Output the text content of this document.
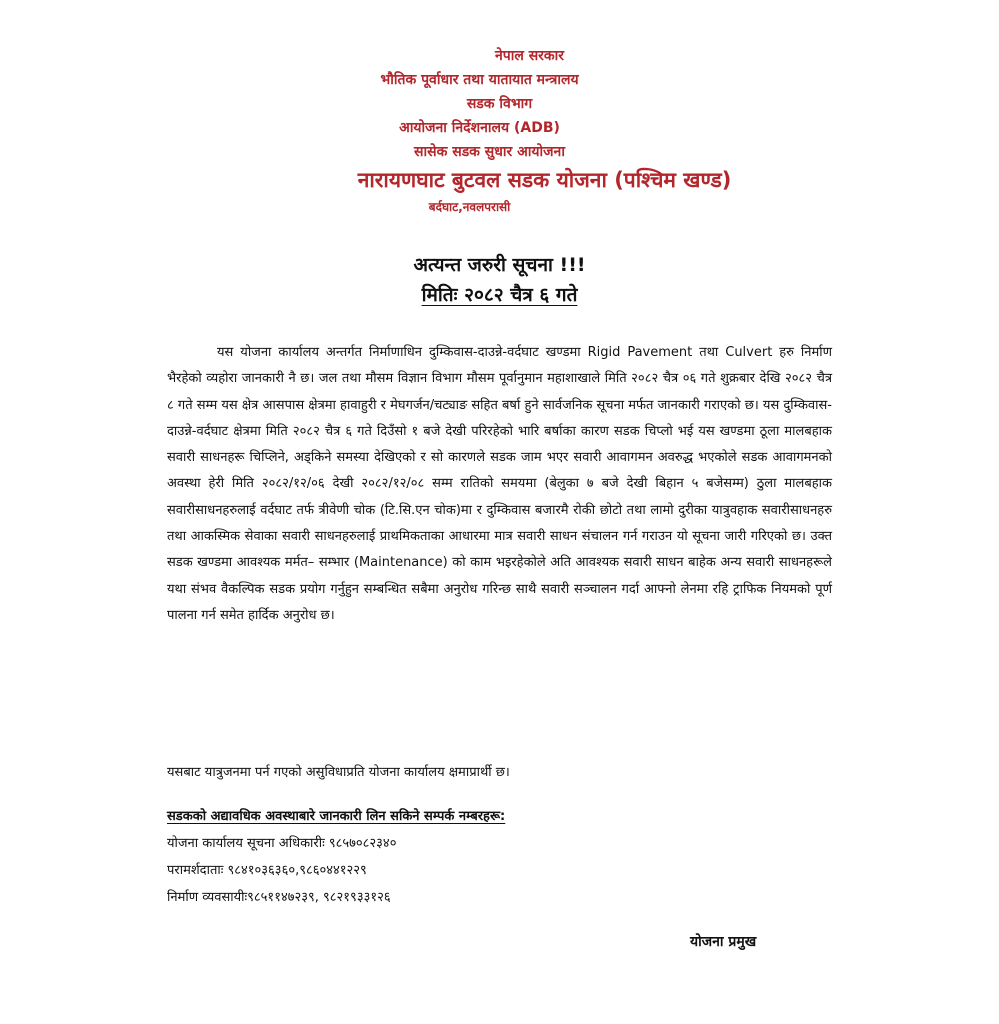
नेपाल सरकार
भौतिक पूर्वाधार तथा यातायात मन्त्रालय
सडक विभाग
आयोजना निर्देशनालय (ADB)
सासेक सडक सुधार आयोजना
नारायणघाट बुटवल सडक योजना (पश्चिम खण्ड)
बर्दघाट,नवलपरासी
अत्यन्त जरुरी सूचना !!!
मितिः २०८२ चैत्र ६ गते

यस योजना कार्यालय अन्तर्गत निर्माणाधिन दुम्किवास-दाउन्ने-वर्दघाट खण्डमा Rigid Pavement तथा Culvert हरु निर्माण भैरहेको व्यहोरा जानकारी नै छ। जल तथा मौसम विज्ञान विभाग मौसम पूर्वानुमान महाशाखाले मिति २०८२ चैत्र ०६ गते शुक्रबार देखि २०८२ चैत्र ८ गते सम्म यस क्षेत्र आसपास क्षेत्रमा हावाहुरी र मेघगर्जन/चट्याङ सहित बर्षा हुने सार्वजनिक सूचना मर्फत जानकारी गराएको छ। यस दुम्किवास-दाउन्ने-वर्दघाट क्षेत्रमा मिति २०८२ चैत्र ६ गते दिउँसो १ बजे देखी परिरहेको भारि बर्षाका कारण सडक चिप्लो भई यस खण्डमा ठूला मालबहाक सवारी साधनहरू चिप्लिने, अड्किने समस्या देखिएको र सो कारणले सडक जाम भएर सवारी आवागमन अवरुद्ध भएकोले सडक आवागमनको अवस्था हेरी मिति २०८२/१२/०६ देखी २०८२/१२/०८ सम्म रातिको समयमा (बेलुका ७ बजे देखी बिहान ५ बजेसम्म) ठुला मालबहाक सवारीसाधनहरुलाई वर्दघाट तर्फ त्रीवेणी चोक (टि.सि.एन चोक)मा र दुम्किवास बजारमै रोकी छोटो तथा लामो दुरीका यात्रुवहाक सवारीसाधनहरु तथा आकस्मिक सेवाका सवारी साधनहरुलाई प्राथमिकताका आधारमा मात्र सवारी साधन संचालन गर्न गराउन यो सूचना जारी गरिएको छ। उक्त सडक खण्डमा आवश्यक मर्मत– सम्भार (Maintenance) को काम भइरहेकोले अति आवश्यक सवारी साधन बाहेक अन्य सवारी साधनहरूले यथा संभव वैकल्पिक सडक प्रयोग गर्नुहुन सम्बन्धित सबैमा अनुरोध गरिन्छ साथै सवारी सञ्चालन गर्दा आफ्नो लेनमा रहि ट्राफिक नियमको पूर्ण पालना गर्न समेत हार्दिक अनुरोध छ।

यसबाट यात्रुजनमा पर्न गएको असुविधाप्रति योजना कार्यालय क्षमाप्रार्थी छ।

सडकको अद्यावधिक अवस्थाबारे जानकारी लिन सकिने सम्पर्क नम्बरहरू:
योजना कार्यालय सूचना अधिकारीः ९८५७०८२३४०
परामर्शदाताः ९८४१०३६३६०,९८६०४४१२२९
निर्माण व्यवसायीः९८५११४७२३९, ९८२१९३३१२६
योजना प्रमुख
